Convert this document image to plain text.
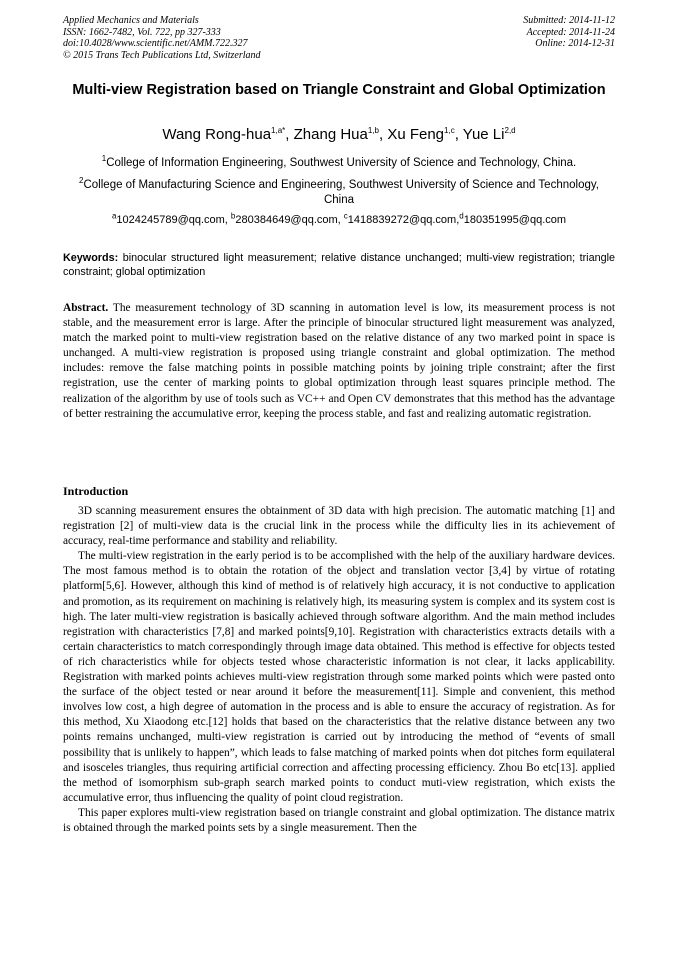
Applied Mechanics and Materials
ISSN: 1662-7482, Vol. 722, pp 327-333
doi:10.4028/www.scientific.net/AMM.722.327
© 2015 Trans Tech Publications Ltd, Switzerland
Submitted: 2014-11-12
Accepted: 2014-11-24
Online: 2014-12-31
Multi-view Registration based on Triangle Constraint and Global Optimization
Wang Rong-hua$^{1,a*}$, Zhang Hua$^{1,b}$, Xu Feng$^{1,c}$, Yue Li$^{2,d}$
$^1$College of Information Engineering, Southwest University of Science and Technology, China.
$^2$College of Manufacturing Science and Engineering, Southwest University of Science and Technology, China
$^a$1024245789@qq.com, $^b$280384649@qq.com, $^c$1418839272@qq.com,$^d$180351995@qq.com
Keywords: binocular structured light measurement; relative distance unchanged; multi-view registration; triangle constraint; global optimization
Abstract. The measurement technology of 3D scanning in automation level is low, its measurement process is not stable, and the measurement error is large. After the principle of binocular structured light measurement was analyzed, match the marked point to multi-view registration based on the relative distance of any two marked point in space is unchanged. A multi-view registration is proposed using triangle constraint and global optimization. The method includes: remove the false matching points in possible matching points by joining triple constraint; after the first registration, use the center of marking points to global optimization through least squares principle method. The realization of the algorithm by use of tools such as VC++ and Open CV demonstrates that this method has the advantage of better restraining the accumulative error, keeping the process stable, and fast and realizing automatic registration.
Introduction

3D scanning measurement ensures the obtainment of 3D data with high precision. The automatic matching [1] and registration [2] of multi-view data is the crucial link in the process while the difficulty lies in its achievement of accuracy, real-time performance and stability and reliability.

The multi-view registration in the early period is to be accomplished with the help of the auxiliary hardware devices. The most famous method is to obtain the rotation of the object and translation vector [3,4] by virtue of rotating platform[5,6]. However, although this kind of method is of relatively high accuracy, it is not conductive to application and promotion, as its requirement on machining is relatively high, its measuring system is complex and its system cost is high. The later multi-view registration is basically achieved through software algorithm. And the main method includes registration with characteristics [7,8] and marked points[9,10]. Registration with characteristics extracts details with a certain characteristics to match correspondingly through image data obtained. This method is effective for objects tested of rich characteristics while for objects tested whose characteristic information is not clear, it lacks applicability. Registration with marked points achieves multi-view registration through some marked points which were pasted onto the surface of the object tested or near around it before the measurement[11]. Simple and convenient, this method involves low cost, a high degree of automation in the process and is able to ensure the accuracy of registration. As for this method, Xu Xiaodong etc.[12] holds that based on the characteristics that the relative distance between any two points remains unchanged, multi-view registration is carried out by introducing the method of “events of small possibility that is unlikely to happen”, which leads to false matching of marked points when dot pitches form equilateral and isosceles triangles, thus requiring artificial correction and affecting processing efficiency. Zhou Bo etc[13]. applied the method of isomorphism sub-graph search marked points to conduct muti-view registration, which exists the accumulative error, thus influencing the quality of point cloud registration.

This paper explores multi-view registration based on triangle constraint and global optimization. The distance matrix is obtained through the marked points sets by a single measurement. Then the
